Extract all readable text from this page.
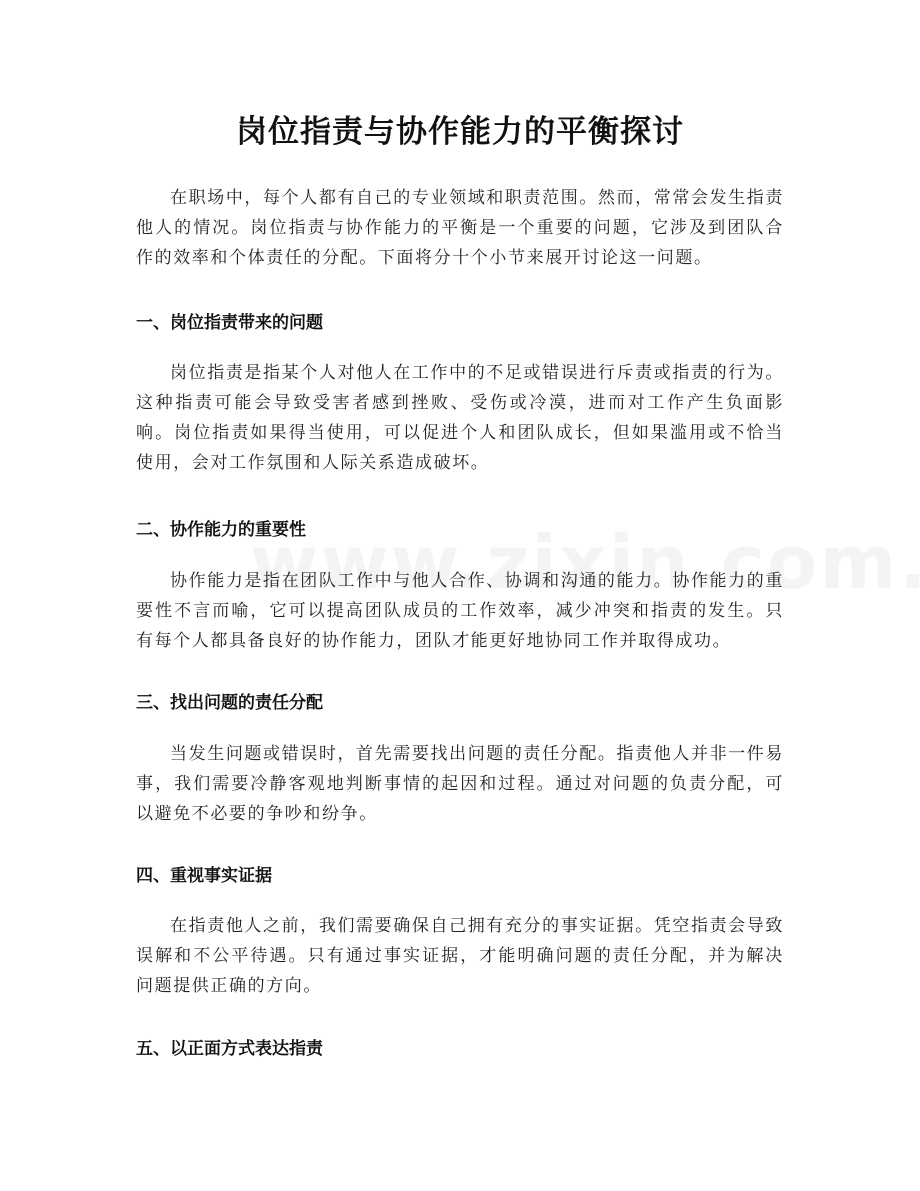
岗位指责与协作能力的平衡探讨

在职场中，每个人都有自己的专业领域和职责范围。然而，常常会发生指责他人的情况。岗位指责与协作能力的平衡是一个重要的问题，它涉及到团队合作的效率和个体责任的分配。下面将分十个小节来展开讨论这一问题。

一、岗位指责带来的问题

岗位指责是指某个人对他人在工作中的不足或错误进行斥责或指责的行为。这种指责可能会导致受害者感到挫败、受伤或冷漠，进而对工作产生负面影响。岗位指责如果得当使用，可以促进个人和团队成长，但如果滥用或不恰当使用，会对工作氛围和人际关系造成破坏。

二、协作能力的重要性

协作能力是指在团队工作中与他人合作、协调和沟通的能力。协作能力的重要性不言而喻，它可以提高团队成员的工作效率，减少冲突和指责的发生。只有每个人都具备良好的协作能力，团队才能更好地协同工作并取得成功。

三、找出问题的责任分配

当发生问题或错误时，首先需要找出问题的责任分配。指责他人并非一件易事，我们需要冷静客观地判断事情的起因和过程。通过对问题的负责分配，可以避免不必要的争吵和纷争。

四、重视事实证据

在指责他人之前，我们需要确保自己拥有充分的事实证据。凭空指责会导致误解和不公平待遇。只有通过事实证据，才能明确问题的责任分配，并为解决问题提供正确的方向。

五、以正面方式表达指责
